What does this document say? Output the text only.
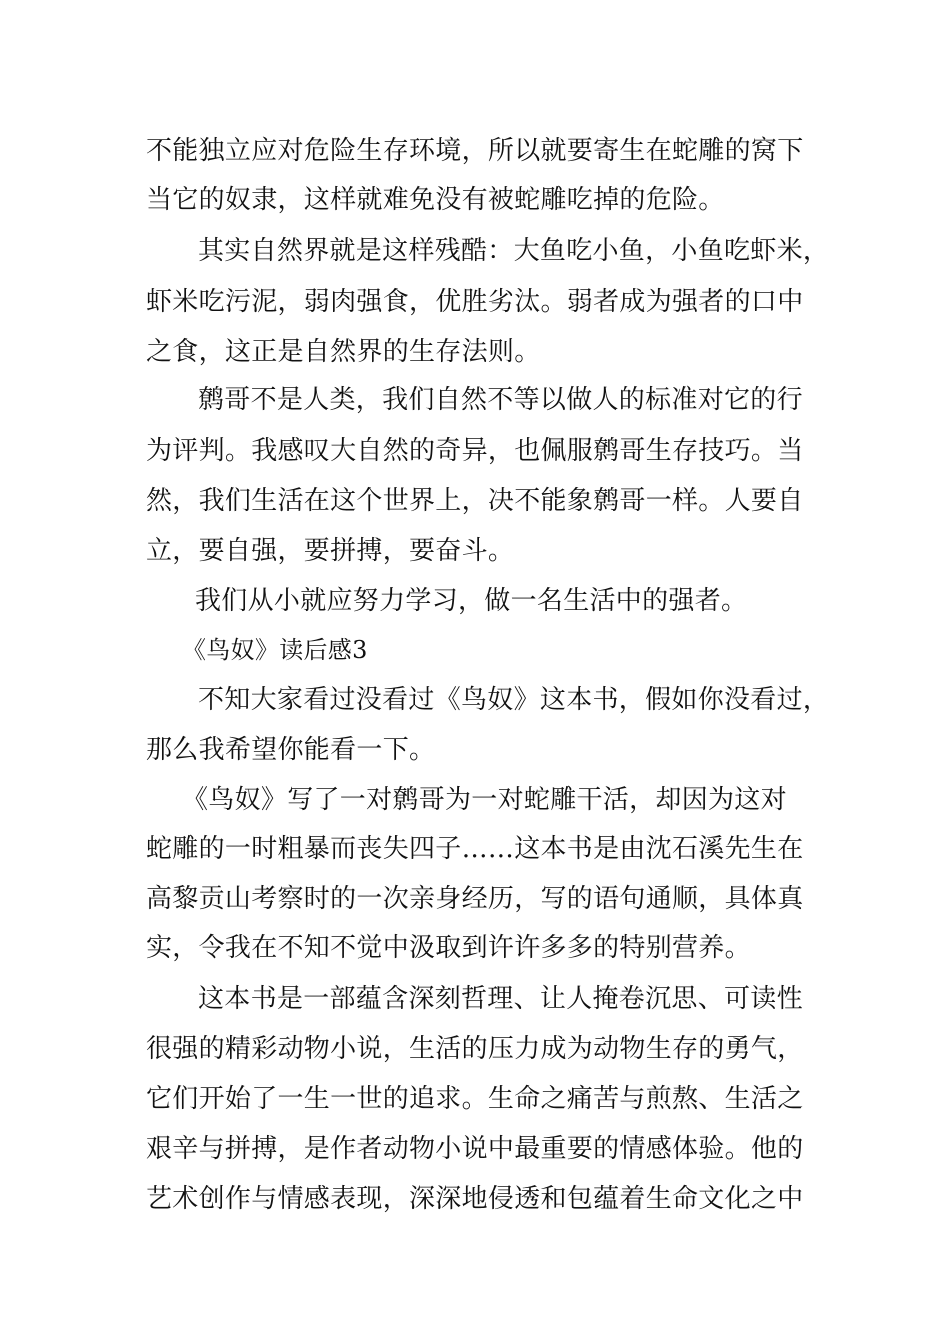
不能独立应对危险生存环境，所以就要寄生在蛇雕的窝下
当它的奴隶，这样就难免没有被蛇雕吃掉的危险。
其实自然界就是这样残酷：大鱼吃小鱼，小鱼吃虾米，
虾米吃污泥，弱肉强食，优胜劣汰。弱者成为强者的口中
之食，这正是自然界的生存法则。
鹩哥不是人类，我们自然不等以做人的标准对它的行
为评判。我感叹大自然的奇异，也佩服鹩哥生存技巧。当
然，我们生活在这个世界上，决不能象鹩哥一样。人要自
立，要自强，要拼搏，要奋斗。
我们从小就应努力学习，做一名生活中的强者。
《鸟奴》读后感3
不知大家看过没看过《鸟奴》这本书，假如你没看过，
那么我希望你能看一下。
《鸟奴》写了一对鹩哥为一对蛇雕干活，却因为这对
蛇雕的一时粗暴而丧失四子……这本书是由沈石溪先生在
高黎贡山考察时的一次亲身经历，写的语句通顺，具体真
实，令我在不知不觉中汲取到许许多多的特别营养。
这本书是一部蕴含深刻哲理、让人掩卷沉思、可读性
很强的精彩动物小说，生活的压力成为动物生存的勇气，
它们开始了一生一世的追求。生命之痛苦与煎熬、生活之
艰辛与拼搏，是作者动物小说中最重要的情感体验。他的
艺术创作与情感表现，深深地侵透和包蕴着生命文化之中
